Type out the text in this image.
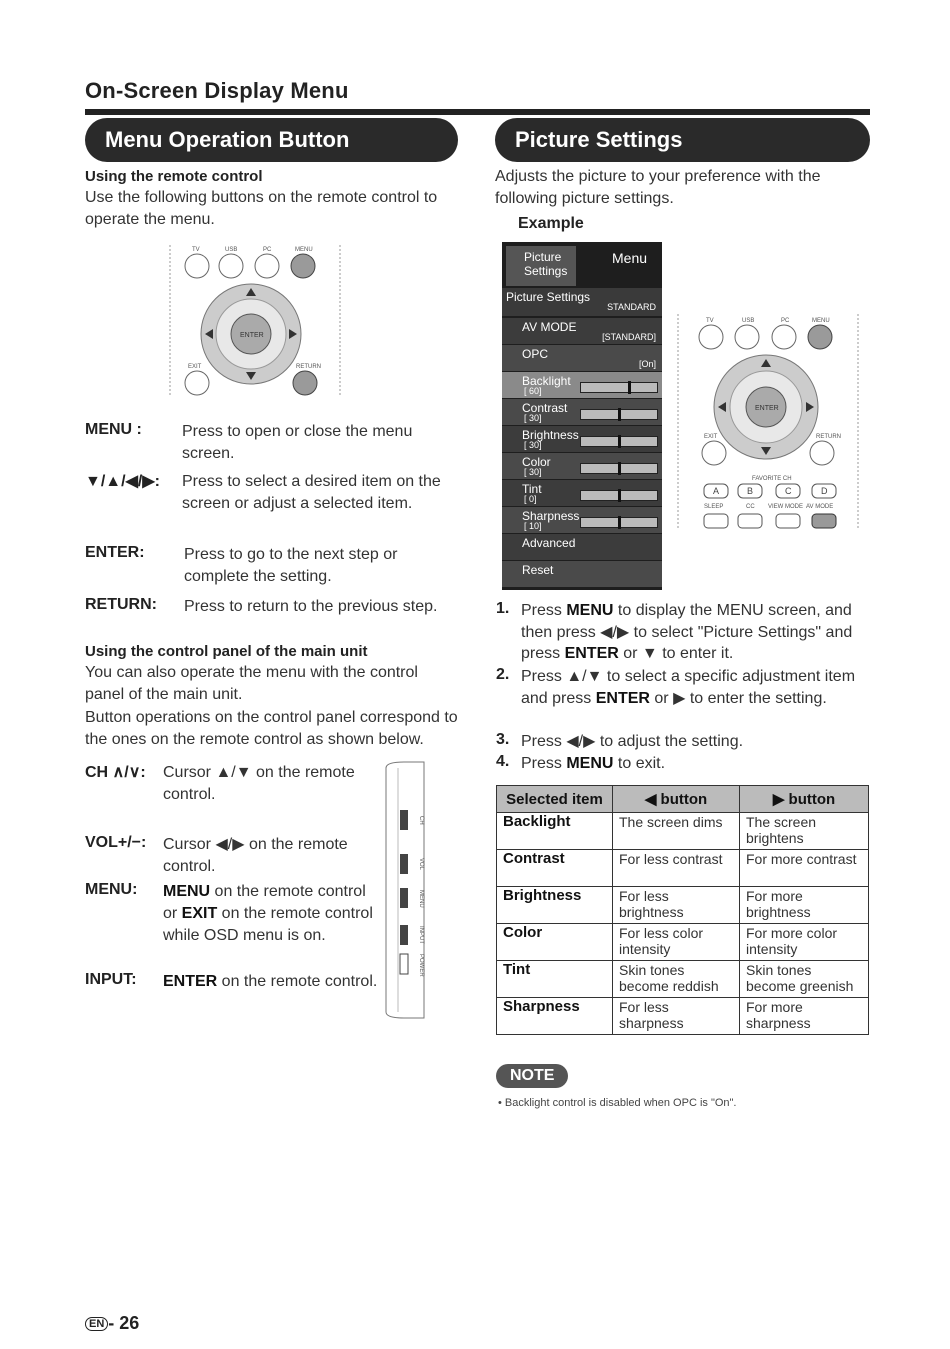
On-Screen Display Menu
Menu Operation Button
Using the remote control
Use the following buttons on the remote control to operate the menu.
TV	USB	PC	MENU
EXIT	RETURN
ENTER
MENU :	Press to open or close the menu screen.
▼/▲/◀/▶: Press to select a desired item on the screen or adjust a selected item.
ENTER: Press to go to the next step or complete the setting.
RETURN: Press to return to the previous step.
Using the control panel of the main unit
You can also operate the menu with the control panel of the main unit.
Button operations on the control panel correspond to the ones on the remote control as shown below.
CH ∧/∨: Cursor ▲/▼ on the remote control.
VOL+/−: Cursor ◀/▶ on the remote control.
MENU: MENU on the remote control or EXIT on the remote control while OSD menu is on.
INPUT: ENTER on the remote control.
CH
VOL
MENU
INPUT
POWER
Picture Settings
Adjusts the picture to your preference with the following picture settings.
Example
Picture Settings
Menu
Picture Settings
STANDARD
AV MODE
[STANDARD]
OPC
[On]
Backlight
[ 60]
Contrast
[ 30]
Brightness
[ 30]
Color
[ 30]
Tint
[ 0]
Sharpness
[ 10]
Advanced
Reset
TV	USB	PC	MENU
EXIT	RETURN
FAVORITE CH
SLEEP	CC VIEW MODE AV MODE
ENTER
A	B	C	D
1. Press MENU to display the MENU screen, and then press ◀/▶ to select "Picture Settings" and press ENTER or ▼ to enter it.
2. Press ▲/▼ to select a specific adjustment item and press ENTER or ▶ to enter the setting.
3. Press ◀/▶ to adjust the setting.
4. Press MENU to exit.
Selected item	◀ button	▶ button
Backlight	The screen dims	The screen brightens
Contrast	For less contrast	For more contrast
Brightness	For less brightness	For more brightness
Color	For less color intensity	For more color intensity
Tint	Skin tones become reddish	Skin tones become greenish
Sharpness	For less sharpness	For more sharpness
NOTE
• Backlight control is disabled when OPC is "On".
EN - 26
